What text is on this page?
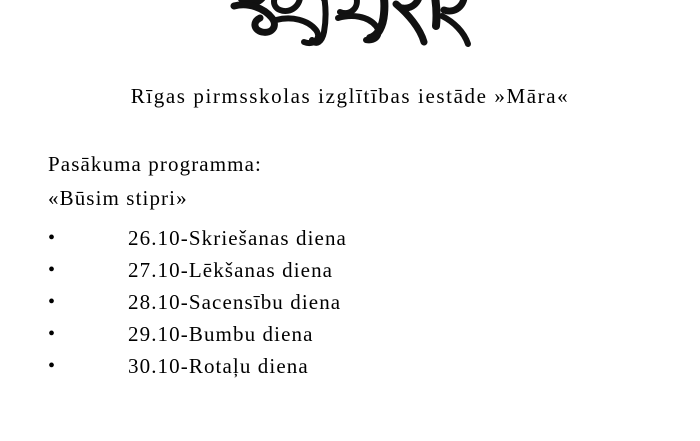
Rīgas pirmsskolas izglītības iestāde »Māra«
Pasākuma programma:
«Būsim stipri»
•	26.10-Skriešanas diena
•	27.10-Lēkšanas diena
•	28.10-Sacensību diena
•	29.10-Bumbu diena
•	30.10-Rotaļu diena
